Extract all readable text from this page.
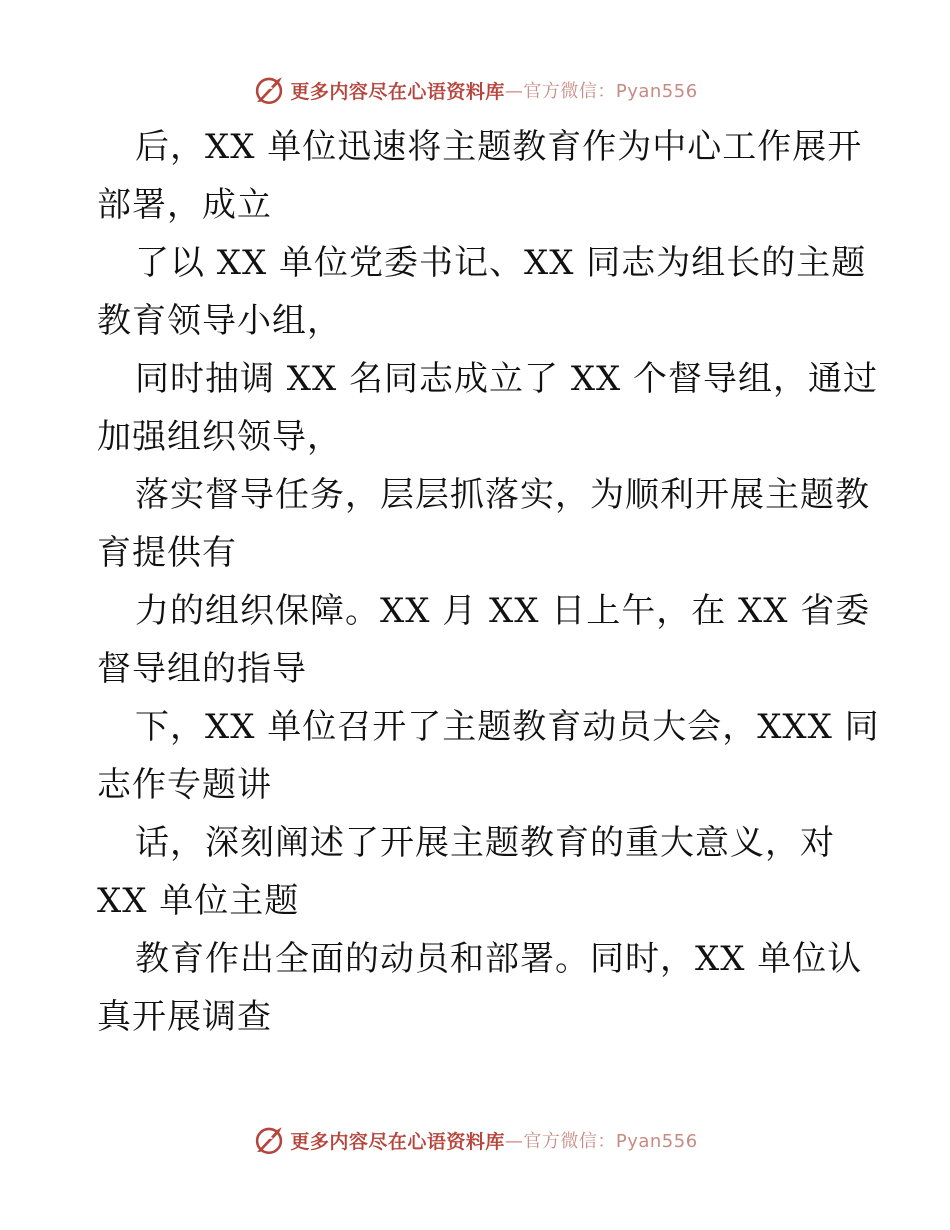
更多内容尽在心语资料库 —官方微信：Pyan556
后，XX 单位迅速将主题教育作为中心工作展开
部署，成立
了以 XX 单位党委书记、XX 同志为组长的主题
教育领导小组，
同时抽调 XX 名同志成立了 XX 个督导组，通过
加强组织领导，
落实督导任务，层层抓落实，为顺利开展主题教
育提供有
力的组织保障。XX 月 XX 日上午，在 XX 省委
督导组的指导
下，XX 单位召开了主题教育动员大会，XXX 同
志作专题讲
话，深刻阐述了开展主题教育的重大意义，对
XX 单位主题
教育作出全面的动员和部署。同时，XX 单位认
真开展调查
更多内容尽在心语资料库 —官方微信：Pyan556
